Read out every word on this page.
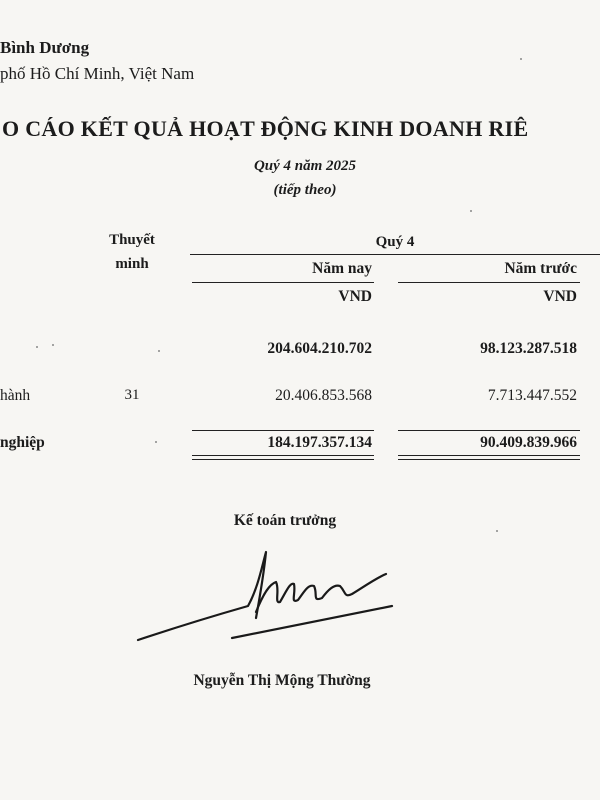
Bình Dương
phố Hồ Chí Minh, Việt Nam
O CÁO KẾT QUẢ HOẠT ĐỘNG KINH DOANH RIÊ
Quý 4 năm 2025
(tiếp theo)
Thuyết
minh
Quý 4
Năm nay	Năm trước
VND	VND
204.604.210.702	98.123.287.518
hành	31	20.406.853.568	7.713.447.552
nghiệp	184.197.357.134	90.409.839.966
Kế toán trưởng
Nguyễn Thị Mộng Thường
